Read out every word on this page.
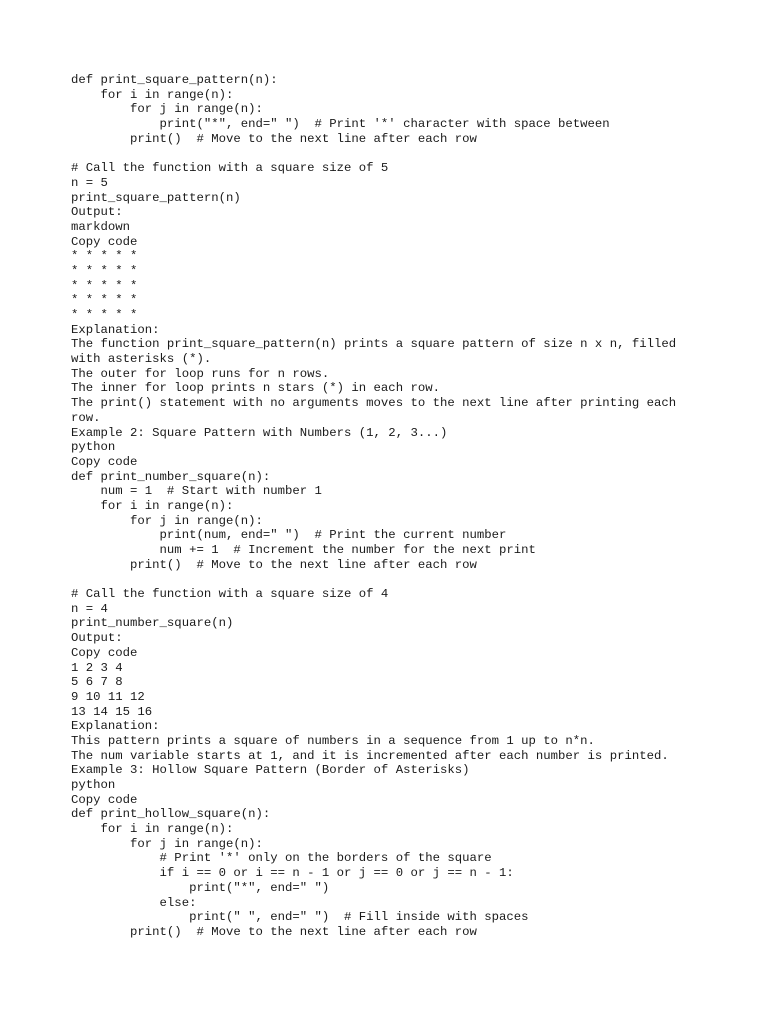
def print_square_pattern(n):
for i in range(n):
for j in range(n):
print("*", end=" ")  # Print '*' character with space between
print()  # Move to the next line after each row
# Call the function with a square size of 5
n = 5
print_square_pattern(n)
Output:
markdown
Copy code
* * * * *
* * * * *
* * * * *
* * * * *
* * * * *
Explanation:
The function print_square_pattern(n) prints a square pattern of size n x n, filled
with asterisks (*).
The outer for loop runs for n rows.
The inner for loop prints n stars (*) in each row.
The print() statement with no arguments moves to the next line after printing each
row.
Example 2: Square Pattern with Numbers (1, 2, 3...)
python
Copy code
def print_number_square(n):
num = 1  # Start with number 1
for i in range(n):
for j in range(n):
print(num, end=" ")  # Print the current number
num += 1  # Increment the number for the next print
print()  # Move to the next line after each row
# Call the function with a square size of 4
n = 4
print_number_square(n)
Output:
Copy code
1 2 3 4
5 6 7 8
9 10 11 12
13 14 15 16
Explanation:
This pattern prints a square of numbers in a sequence from 1 up to n*n.
The num variable starts at 1, and it is incremented after each number is printed.
Example 3: Hollow Square Pattern (Border of Asterisks)
python
Copy code
def print_hollow_square(n):
for i in range(n):
for j in range(n):
# Print '*' only on the borders of the square
if i == 0 or i == n - 1 or j == 0 or j == n - 1:
print("*", end=" ")
else:
print(" ", end=" ")  # Fill inside with spaces
print()  # Move to the next line after each row
